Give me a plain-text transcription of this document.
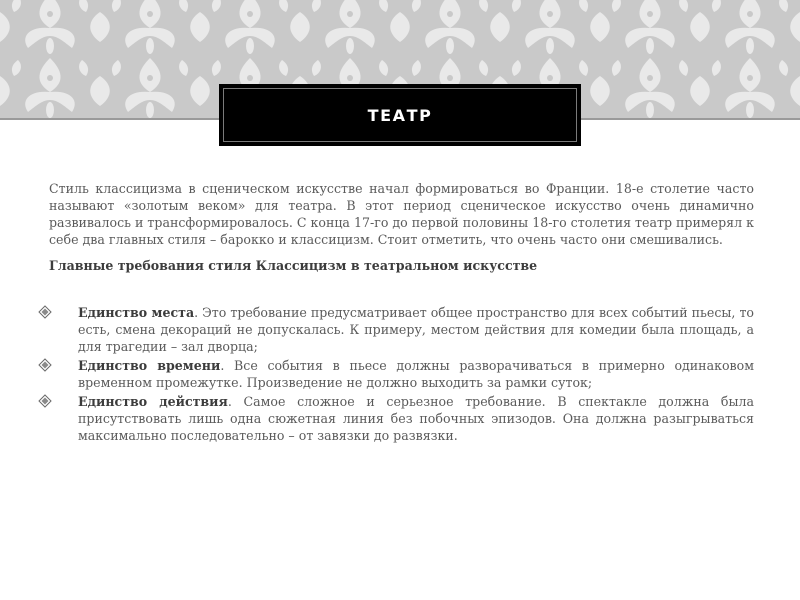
ТЕАТР

Стиль классицизма в сценическом искусстве начал формироваться во Франции. 18-е столетие часто называют «золотым веком» для театра. В этот период сценическое искусство очень динамично развивалось и трансформировалось. С конца 17-го до первой половины 18-го столетия театр примерял к себе два главных стиля – барокко и классицизм. Стоит отметить, что очень часто они смешивались.

Главные требования стиля Классицизм в театральном искусстве

Единство места. Это требование предусматривает общее пространство для всех событий пьесы, то есть, смена декораций не допускалась. К примеру, местом действия для комедии была площадь, а для трагедии – зал дворца;
Единство времени. Все события в пьесе должны разворачиваться в примерно одинаковом временном промежутке. Произведение не должно выходить за рамки суток;
Единство действия. Самое сложное и серьезное требование. В спектакле должна была присутствовать лишь одна сюжетная линия без побочных эпизодов. Она должна разыгрываться максимально последовательно – от завязки до развязки.
